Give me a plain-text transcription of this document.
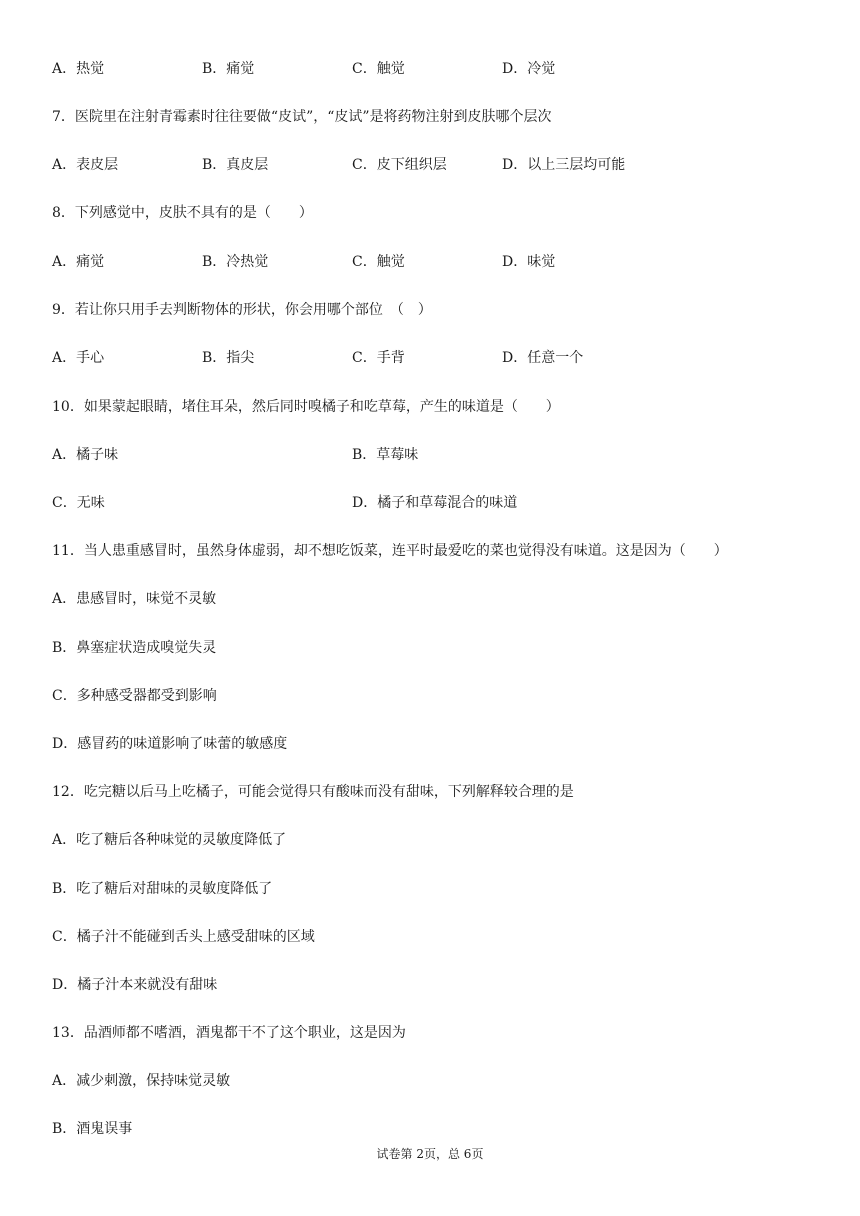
A．热觉	B．痛觉	C．触觉	D．冷觉
7．医院里在注射青霉素时往往要做“皮试”，“皮试”是将药物注射到皮肤哪个层次
A．表皮层	B．真皮层	C．皮下组织层	D．以上三层均可能
8．下列感觉中，皮肤不具有的是（　　）
A．痛觉	B．冷热觉	C．触觉	D．味觉
9．若让你只用手去判断物体的形状，你会用哪个部位　（　）
A．手心	B．指尖	C．手背	D．任意一个
10．如果蒙起眼睛，堵住耳朵，然后同时嗅橘子和吃草莓，产生的味道是（　　）
A．橘子味	B．草莓味
C．无味	D．橘子和草莓混合的味道
11．当人患重感冒时，虽然身体虚弱，却不想吃饭菜，连平时最爱吃的菜也觉得没有味道。这是因为（　　）
A．患感冒时，味觉不灵敏
B．鼻塞症状造成嗅觉失灵
C．多种感受器都受到影响
D．感冒药的味道影响了味蕾的敏感度
12．吃完糖以后马上吃橘子，可能会觉得只有酸味而没有甜味，下列解释较合理的是
A．吃了糖后各种味觉的灵敏度降低了
B．吃了糖后对甜味的灵敏度降低了
C．橘子汁不能碰到舌头上感受甜味的区域
D．橘子汁本来就没有甜味
13．品酒师都不嗜酒，酒鬼都干不了这个职业，这是因为
A．减少刺激，保持味觉灵敏
B．酒鬼误事
试卷第 2页，总 6页
